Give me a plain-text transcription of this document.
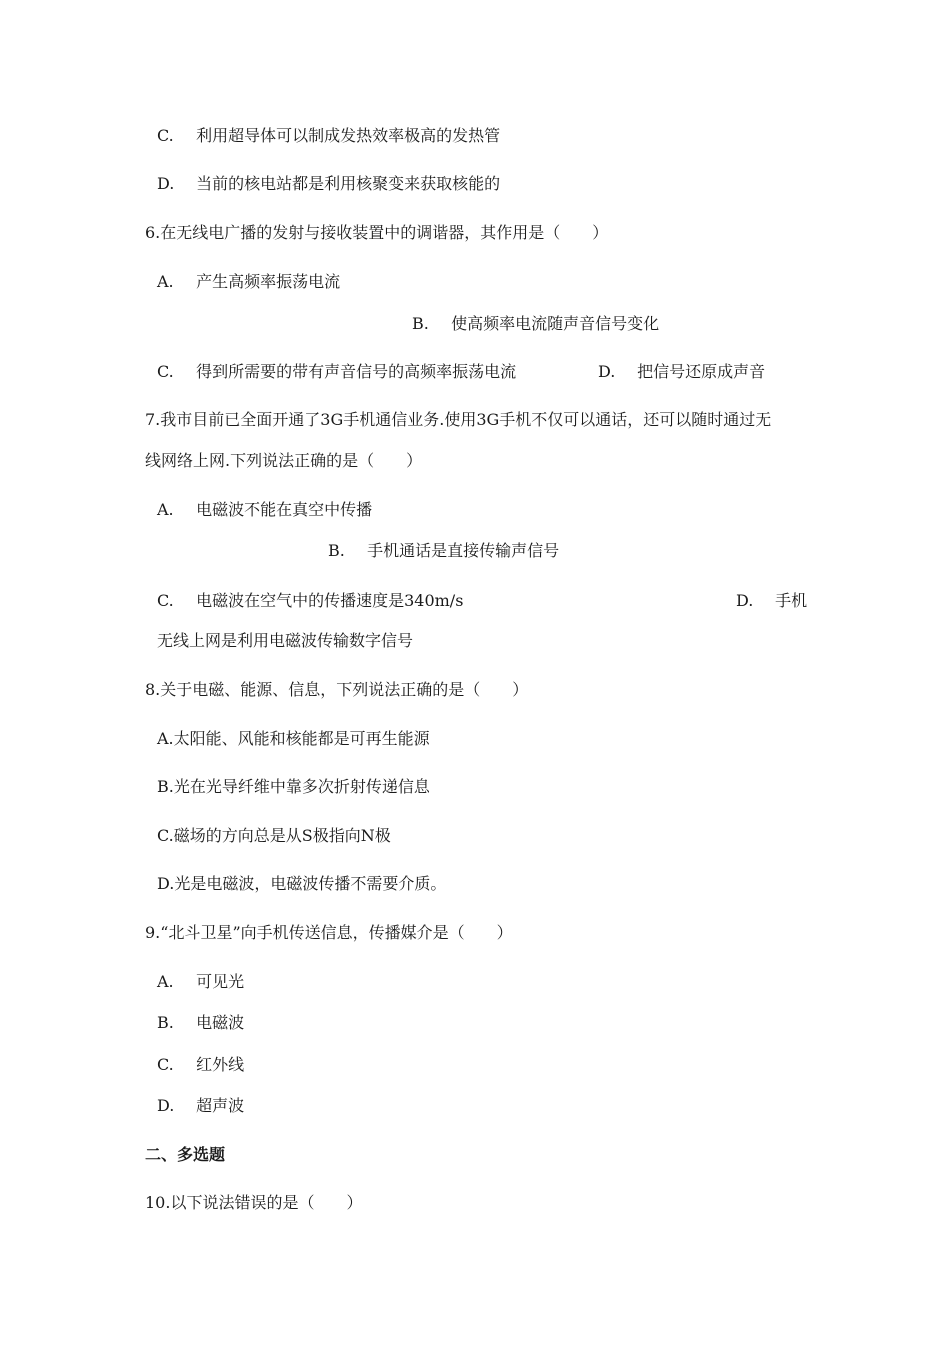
C. 利用超导体可以制成发热效率极高的发热管
D. 当前的核电站都是利用核聚变来获取核能的
6.在无线电广播的发射与接收装置中的调谐器，其作用是（　　）
A. 产生高频率振荡电流
B. 使高频率电流随声音信号变化
C. 得到所需要的带有声音信号的高频率振荡电流	D. 把信号还原成声音
7.我市目前已全面开通了3G手机通信业务.使用3G手机不仅可以通话，还可以随时通过无
线网络上网.下列说法正确的是（　　）
A. 电磁波不能在真空中传播
B. 手机通话是直接传输声信号
C. 电磁波在空气中的传播速度是340m/s	D. 手机
无线上网是利用电磁波传输数字信号
8.关于电磁、能源、信息，下列说法正确的是（　　）
A.太阳能、风能和核能都是可再生能源
B.光在光导纤维中靠多次折射传递信息
C.磁场的方向总是从S极指向N极
D.光是电磁波，电磁波传播不需要介质。
9.“北斗卫星”向手机传送信息，传播媒介是（　　）
A. 可见光
B. 电磁波
C. 红外线
D. 超声波
二、多选题
10.以下说法错误的是（　　）
